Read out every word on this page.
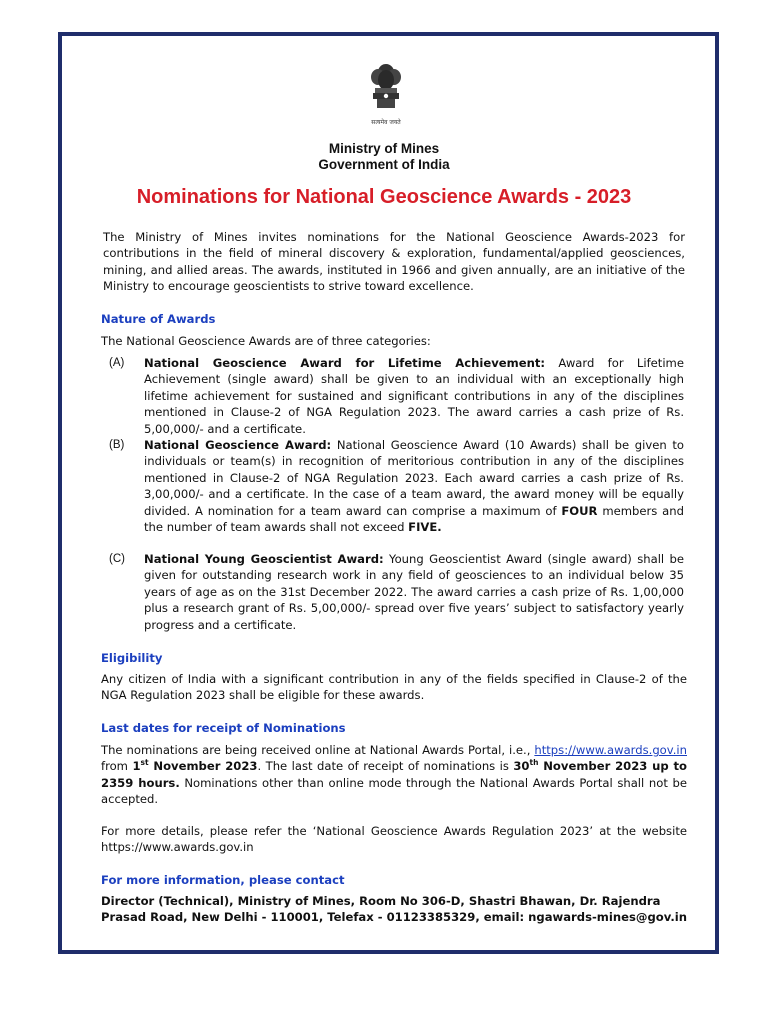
सत्यमेव जयते
Ministry of Mines
Government of India
Nominations for National Geoscience Awards - 2023
The Ministry of Mines invites nominations for the National Geoscience Awards-2023 for contributions in the field of mineral discovery & exploration, fundamental/applied geosciences, mining, and allied areas. The awards, instituted in 1966 and given annually, are an initiative of the Ministry to encourage geoscientists to strive toward excellence.
Nature of Awards
The National Geoscience Awards are of three categories:
(A) National Geoscience Award for Lifetime Achievement: Award for Lifetime Achievement (single award) shall be given to an individual with an exceptionally high lifetime achievement for sustained and significant contributions in any of the disciplines mentioned in Clause-2 of NGA Regulation 2023. The award carries a cash prize of Rs. 5,00,000/- and a certificate.
(B) National Geoscience Award: National Geoscience Award (10 Awards) shall be given to individuals or team(s) in recognition of meritorious contribution in any of the disciplines mentioned in Clause-2 of NGA Regulation 2023. Each award carries a cash prize of Rs. 3,00,000/- and a certificate. In the case of a team award, the award money will be equally divided. A nomination for a team award can comprise a maximum of FOUR members and the number of team awards shall not exceed FIVE.
(C) National Young Geoscientist Award: Young Geoscientist Award (single award) shall be given for outstanding research work in any field of geosciences to an individual below 35 years of age as on the 31st December 2022. The award carries a cash prize of Rs. 1,00,000 plus a research grant of Rs. 5,00,000/- spread over five years’ subject to satisfactory yearly progress and a certificate.
Eligibility
Any citizen of India with a significant contribution in any of the fields specified in Clause-2 of the NGA Regulation 2023 shall be eligible for these awards.
Last dates for receipt of Nominations
The nominations are being received online at National Awards Portal, i.e., https://www.awards.gov.in from 1st November 2023. The last date of receipt of nominations is 30th November 2023 up to 2359 hours. Nominations other than online mode through the National Awards Portal shall not be accepted.
For more details, please refer the ‘National Geoscience Awards Regulation 2023’ at the website https://www.awards.gov.in
For more information, please contact
Director (Technical), Ministry of Mines, Room No 306-D, Shastri Bhawan, Dr. Rajendra Prasad Road, New Delhi - 110001, Telefax - 01123385329, email: ngawards-mines@gov.in
